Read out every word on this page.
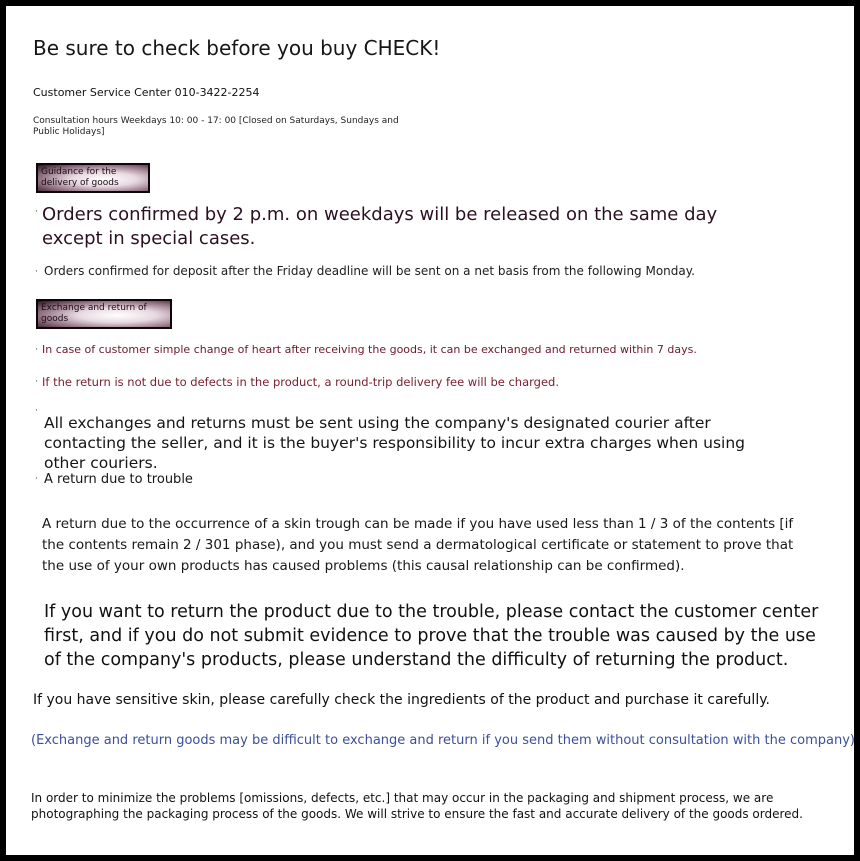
Be sure to check before you buy CHECK!

Customer Service Center 010-3422-2254

Consultation hours Weekdays 10: 00 - 17: 00 [Closed on Saturdays, Sundays and Public Holidays]

Guidance for the delivery of goods
· Orders confirmed by 2 p.m. on weekdays will be released on the same day except in special cases.

· Orders confirmed for deposit after the Friday deadline will be sent on a net basis from the following Monday.

Exchange and return of goods
· In case of customer simple change of heart after receiving the goods, it can be exchanged and returned within 7 days.

· If the return is not due to defects in the product, a round-trip delivery fee will be charged.

·

All exchanges and returns must be sent using the company's designated courier after contacting the seller, and it is the buyer's responsibility to incur extra charges when using other couriers.

· A return due to trouble

A return due to the occurrence of a skin trough can be made if you have used less than 1 / 3 of the contents [if the contents remain 2 / 301 phase), and you must send a dermatological certificate or statement to prove that the use of your own products has caused problems (this causal relationship can be confirmed).

If you want to return the product due to the trouble, please contact the customer center first, and if you do not submit evidence to prove that the trouble was caused by the use of the company's products, please understand the difficulty of returning the product.

If you have sensitive skin, please carefully check the ingredients of the product and purchase it carefully.

(Exchange and return goods may be difficult to exchange and return if you send them without consultation with the company)

In order to minimize the problems [omissions, defects, etc.] that may occur in the packaging and shipment process, we are photographing the packaging process of the goods. We will strive to ensure the fast and accurate delivery of the goods ordered.
